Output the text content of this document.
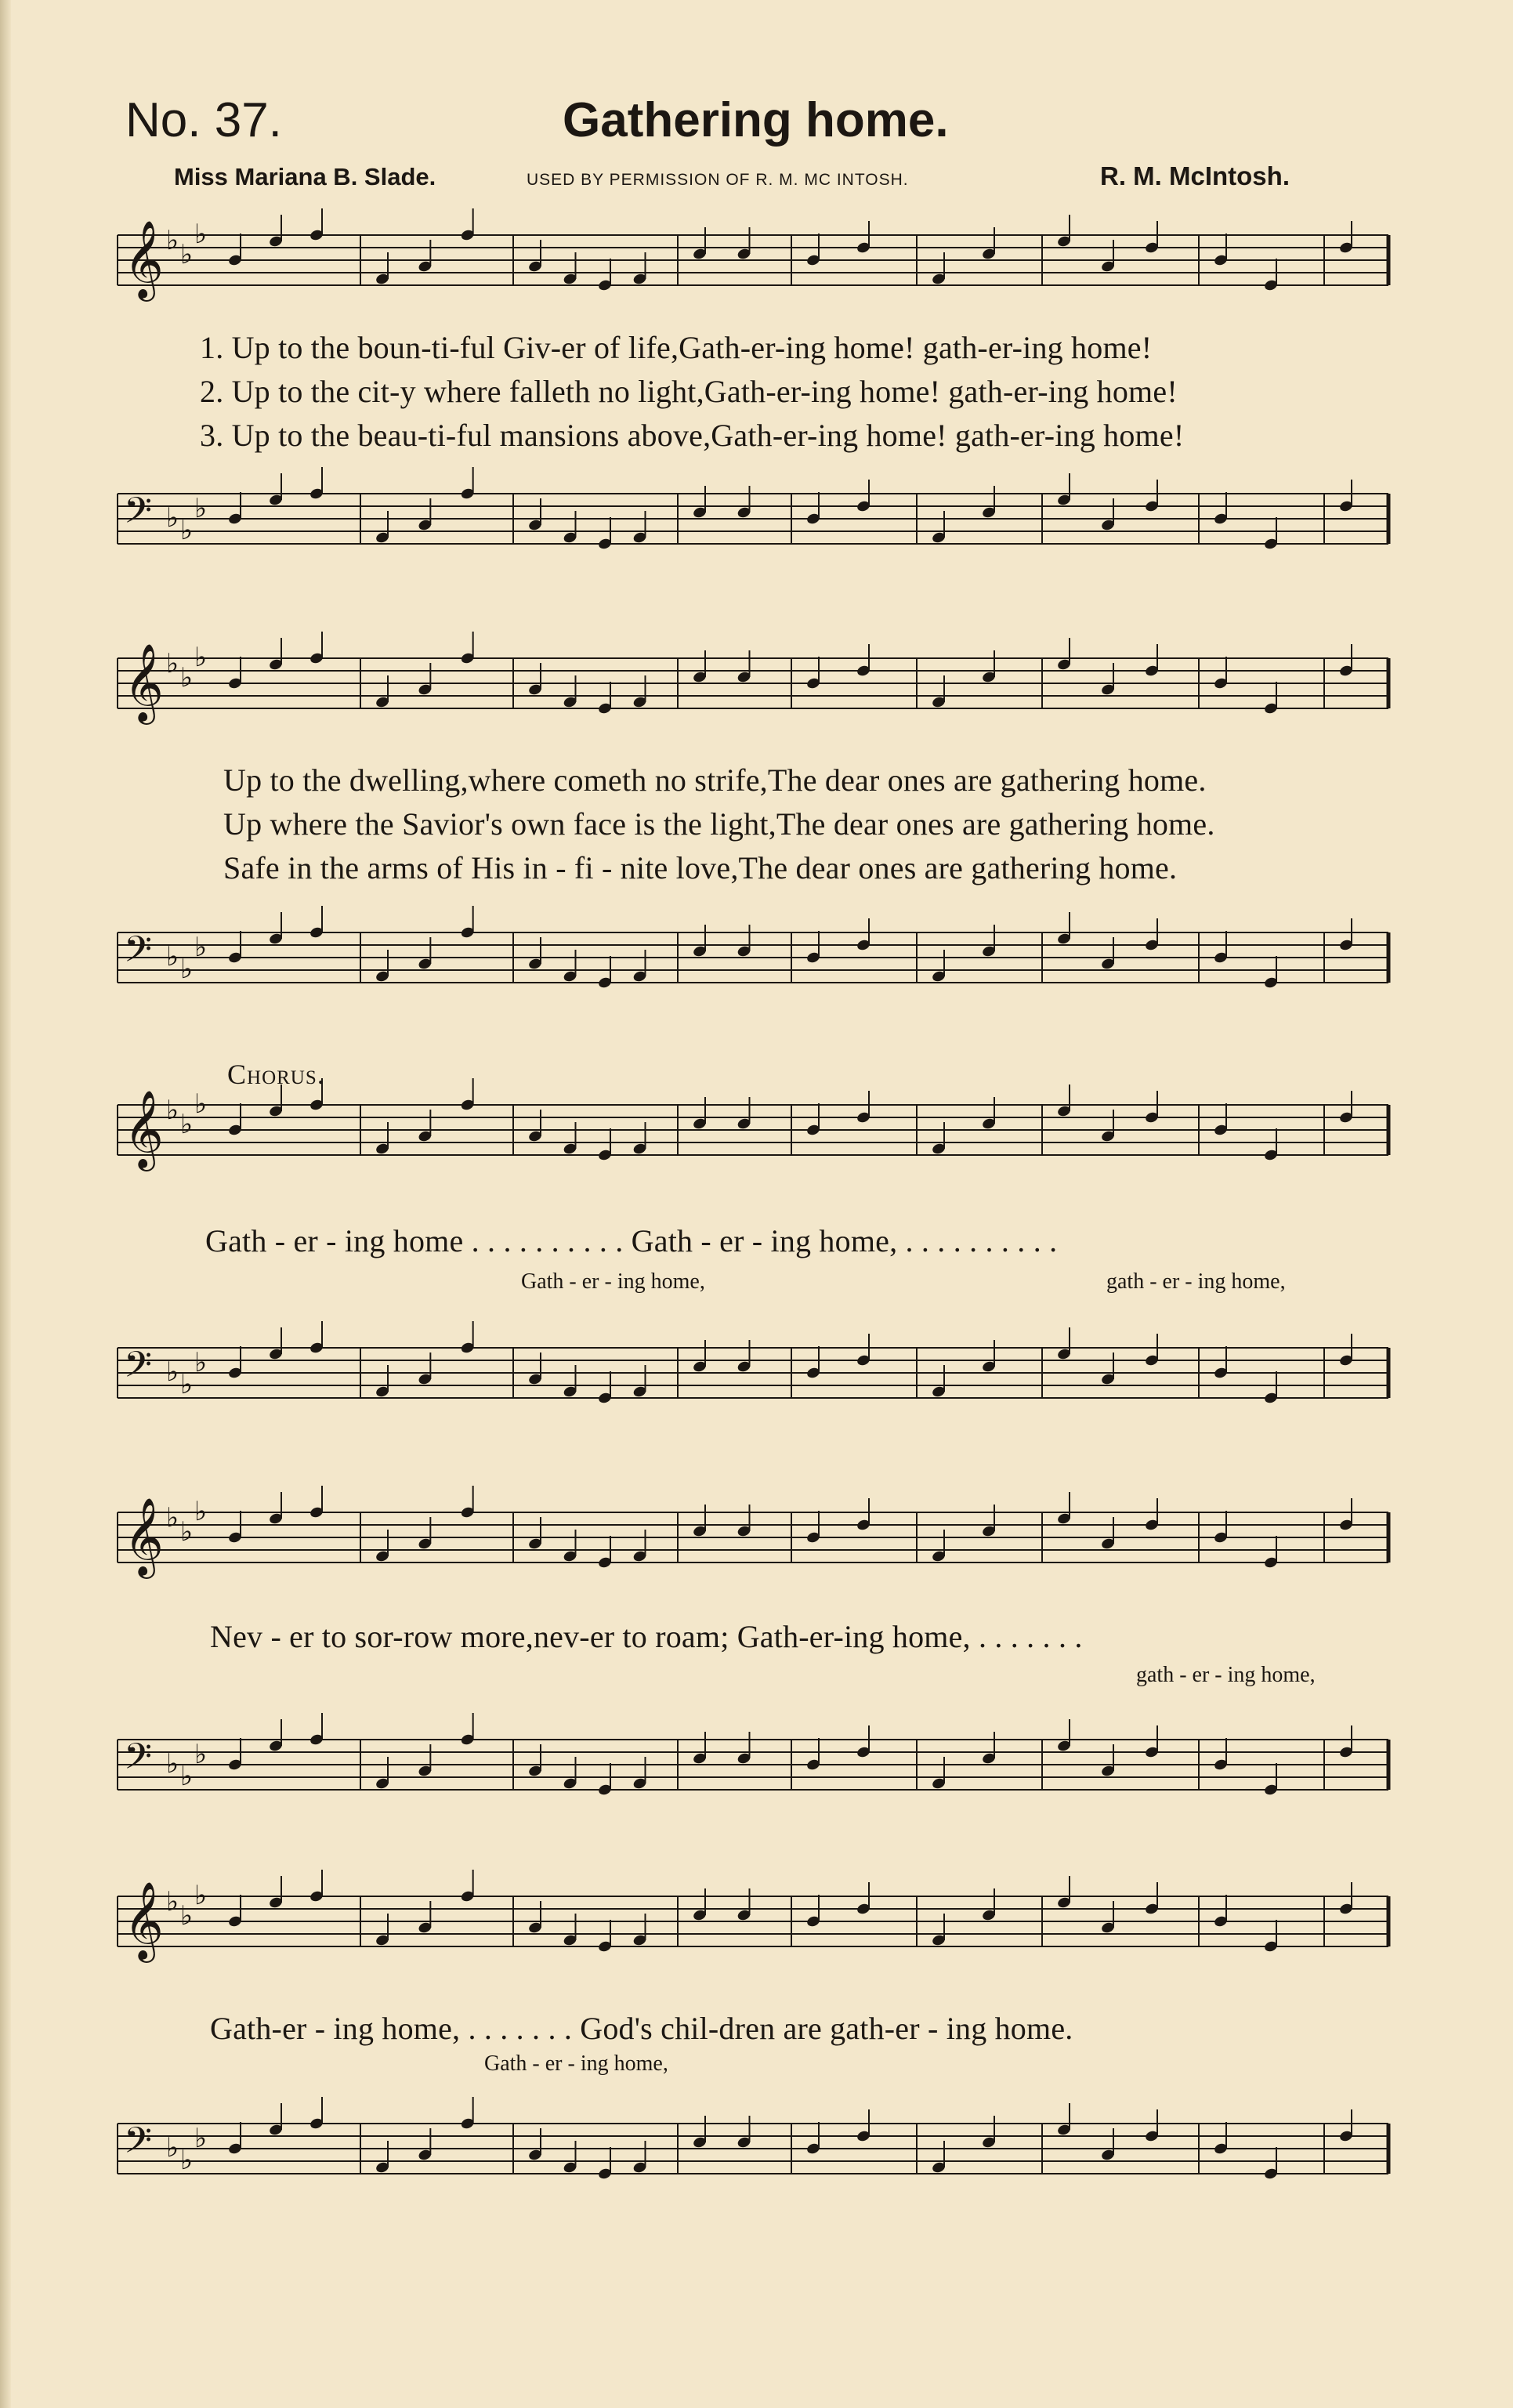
No. 37.	Gathering home.
Miss Mariana B. Slade.	USED BY PERMISSION OF R. M. MC INTOSH.	R. M. McIntosh.
𝄞 ♭ ♭
♭
1. Up to the boun-ti-ful Giv-er of life,Gath-er-ing home! gath-er-ing home!
2. Up to the cit-y where falleth no light,Gath-er-ing home! gath-er-ing home!
3. Up to the beau-ti-ful mansions above,Gath-er-ing home! gath-er-ing home!
𝄢 ♭ ♭
♭
𝄞 ♭ ♭
♭
Up to the dwelling,where cometh no strife,The dear ones are gathering home.
Up where the Savior's own face is the light,The dear ones are gathering home.
Safe in the arms of His in - fi - nite love,The dear ones are gathering home.
𝄢 ♭ ♭
♭
Chorus.
𝄞 ♭ ♭
♭
Gath - er - ing home . . . . . . . . . . Gath - er - ing home, . . . . . . . . . .
Gath - er - ing home,	gath - er - ing home,
𝄢 ♭ ♭
♭
𝄞 ♭ ♭
♭
Nev - er to sor-row more,nev-er to roam; Gath-er-ing home, . . . . . . .
gath - er - ing home,
𝄢 ♭ ♭
♭
𝄞 ♭ ♭
♭
Gath-er - ing home, . . . . . . . God's chil-dren are gath-er - ing home.
Gath - er - ing home,
𝄢 ♭ ♭
♭
